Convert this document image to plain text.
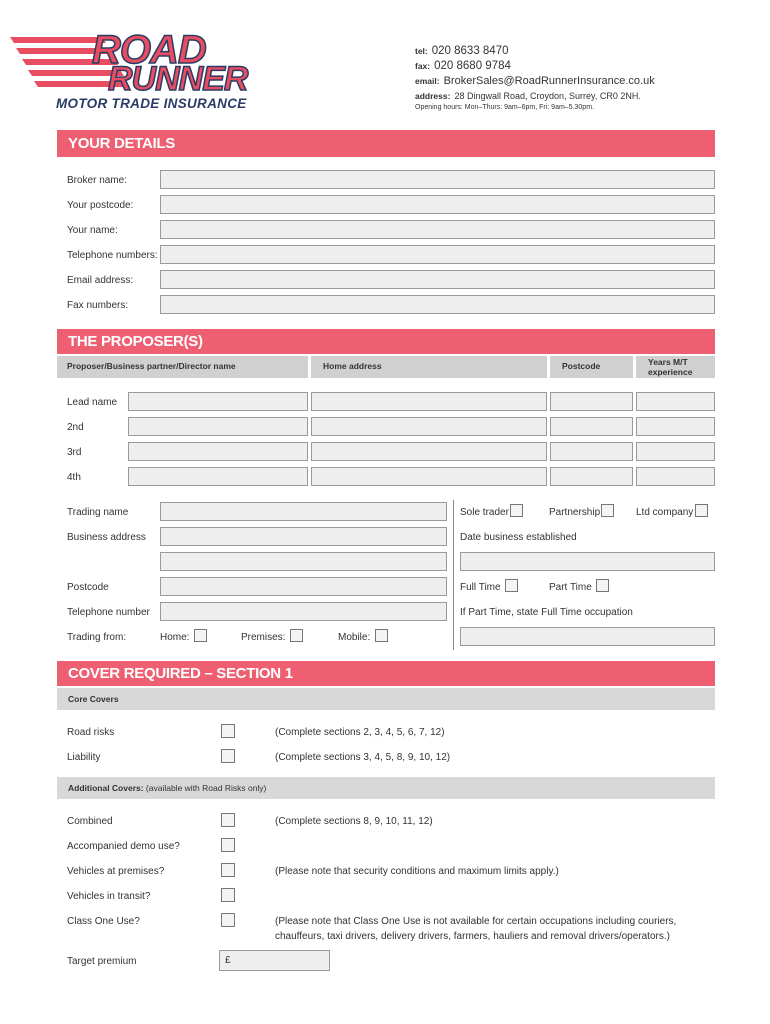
ROAD
RUNNER
MOTOR TRADE INSURANCE
tel: 020 8633 8470
fax: 020 8680 9784
email: BrokerSales@RoadRunnerInsurance.co.uk
address: 28 Dingwall Road, Croydon, Surrey, CR0 2NH.
Opening hours: Mon–Thurs: 9am–6pm, Fri: 9am–5.30pm.
YOUR DETAILS
Broker name:
Your postcode:
Your name:
Telephone numbers:
Email address:
Fax numbers:
THE PROPOSER(S)
Proposer/Business partner/Director name	Home address	Postcode	Years M/T
experience
Lead name
2nd
3rd
4th
Trading name	Sole trader	Partnership	Ltd company
Business address	Date business established
Postcode	Full Time	Part Time
Telephone number	If Part Time, state Full Time occupation
Trading from:	Home:	Premises:	Mobile:
COVER REQUIRED – SECTION 1
Core Covers
Road risks	(Complete sections 2, 3, 4, 5, 6, 7, 12)
Liability	(Complete sections 3, 4, 5, 8, 9, 10, 12)
Additional Covers: (available with Road Risks only)
Combined	(Complete sections 8, 9, 10, 11, 12)
Accompanied demo use?
Vehicles at premises?	(Please note that security conditions and maximum limits apply.)
Vehicles in transit?
Class One Use?	(Please note that Class One Use is not available for certain occupations including couriers,
chauffeurs, taxi drivers, delivery drivers, farmers, hauliers and removal drivers/operators.)
Target premium	£
